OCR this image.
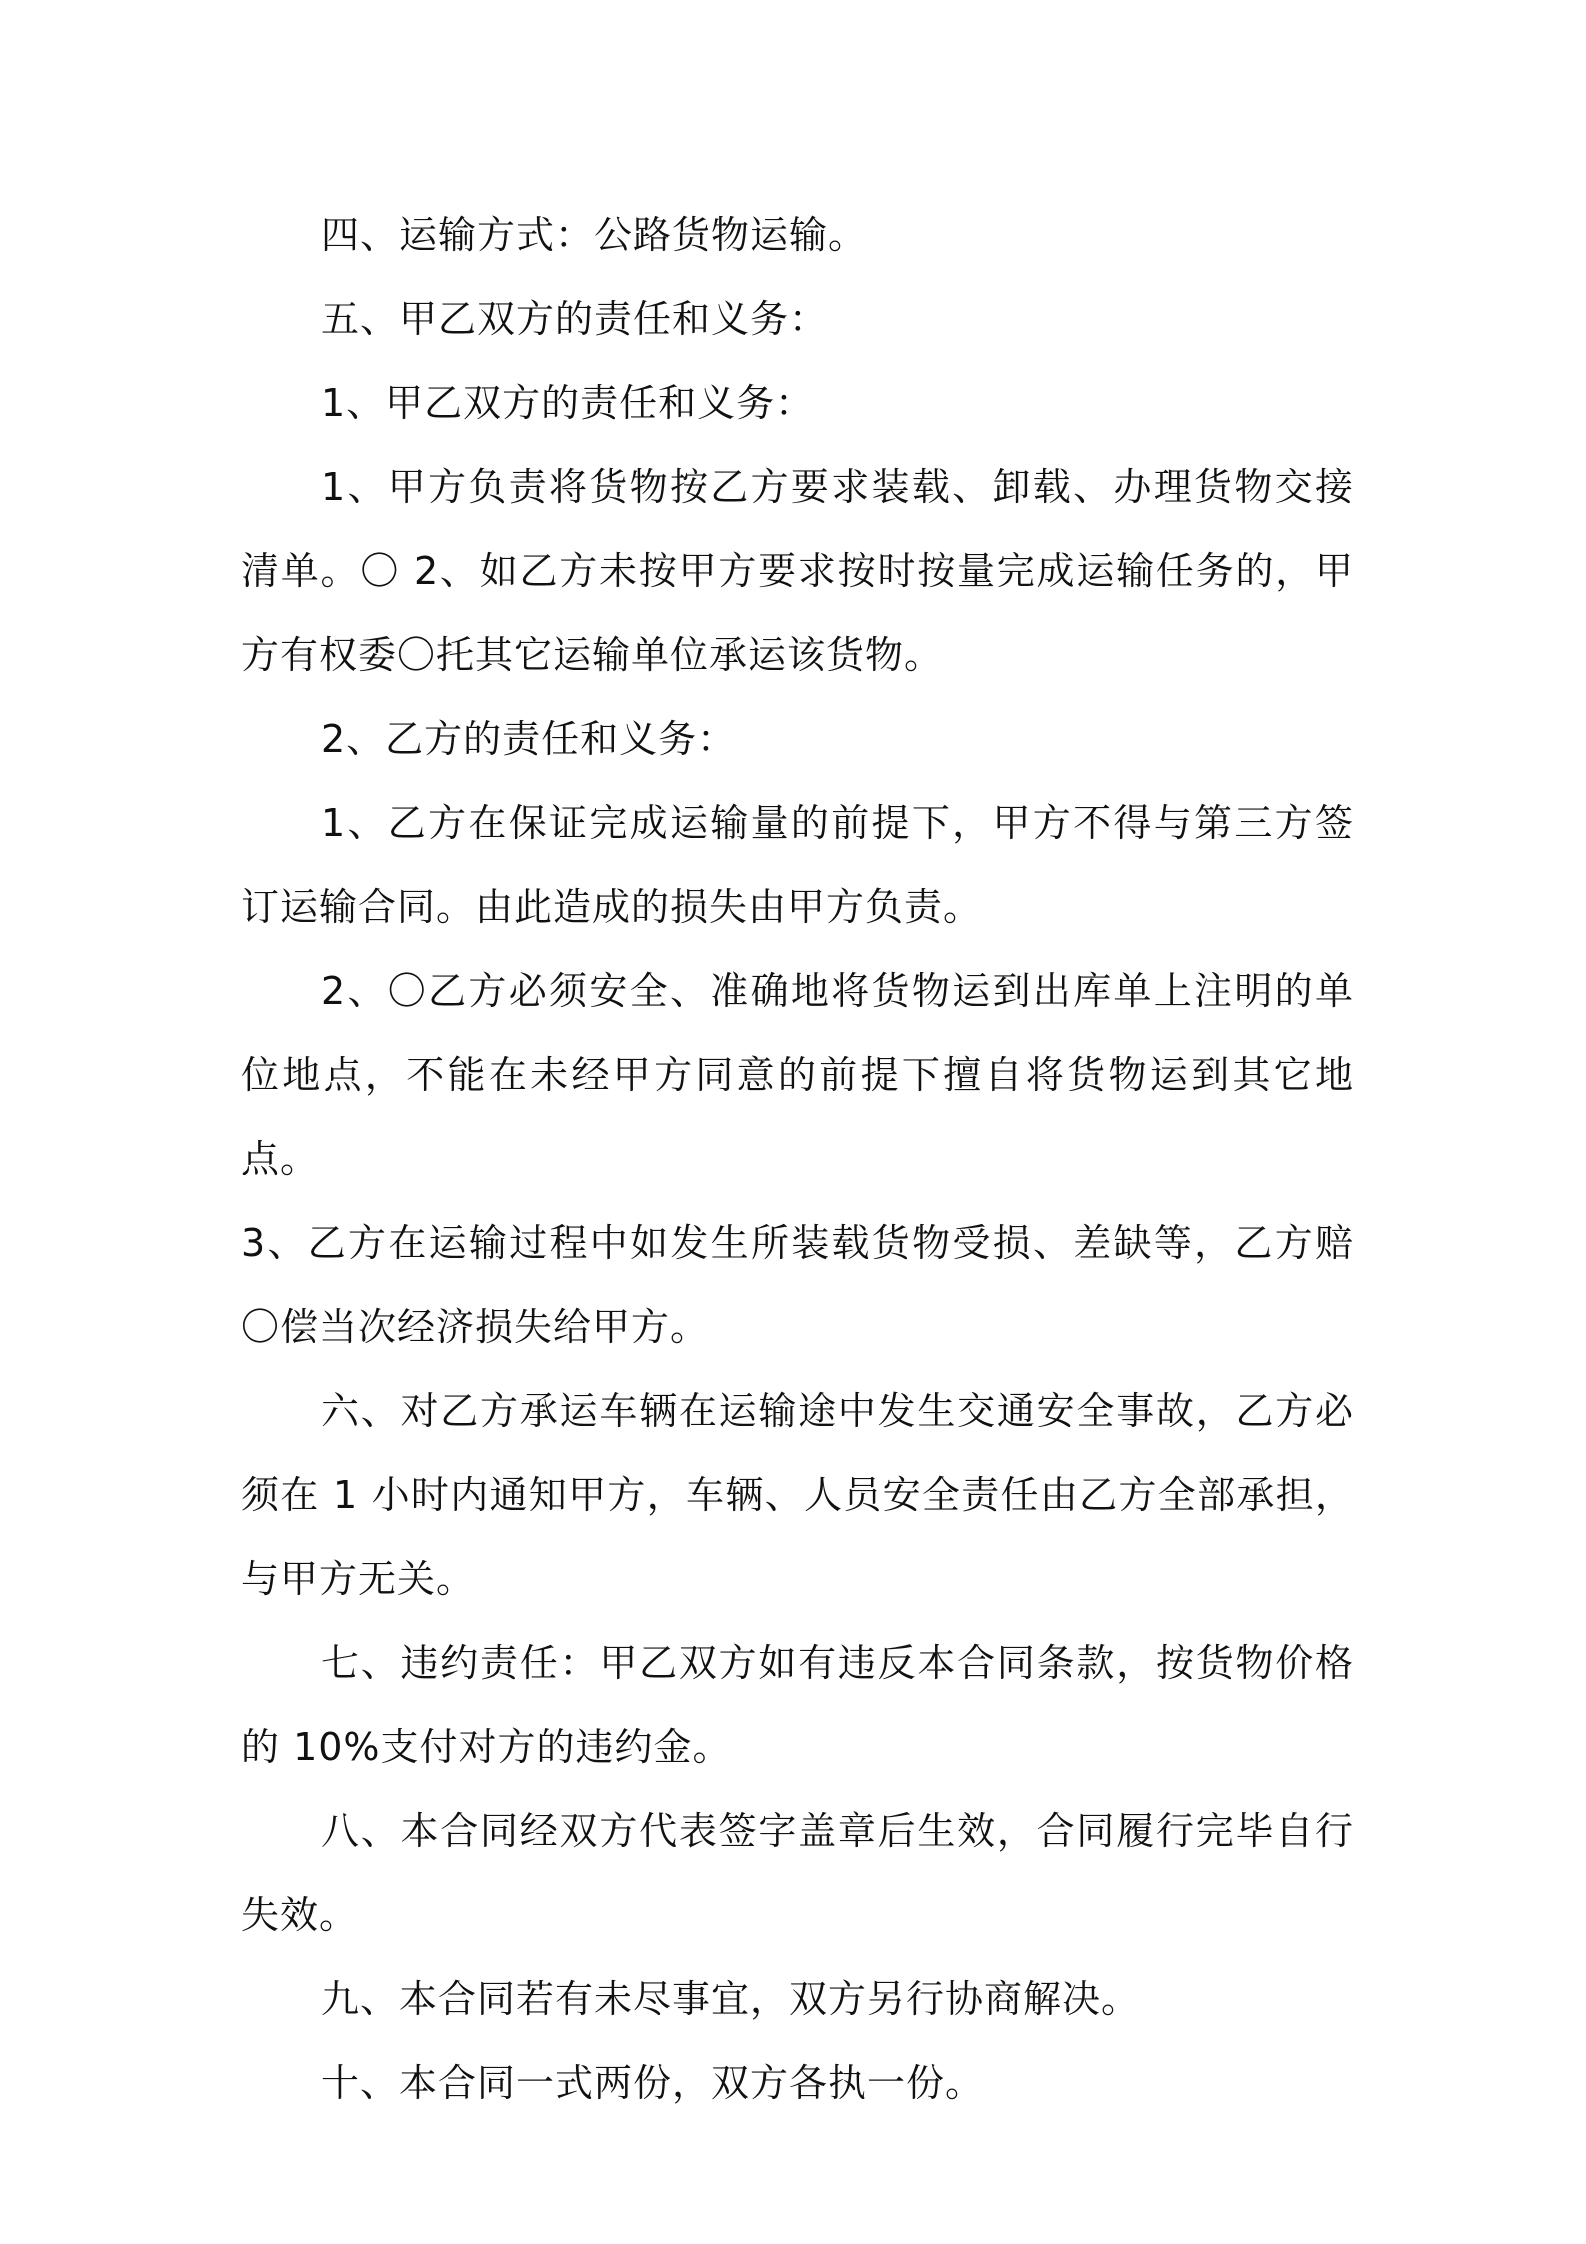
四、运输方式：公路货物运输。

五、甲乙双方的责任和义务：

1、甲乙双方的责任和义务：

1、甲方负责将货物按乙方要求装载、卸载、办理货物交接清单。〇 2、如乙方未按甲方要求按时按量完成运输任务的，甲方有权委〇托其它运输单位承运该货物。

2、乙方的责任和义务：

1、乙方在保证完成运输量的前提下，甲方不得与第三方签订运输合同。由此造成的损失由甲方负责。

2、〇乙方必须安全、准确地将货物运到出库单上注明的单位地点，不能在未经甲方同意的前提下擅自将货物运到其它地点。

3、乙方在运输过程中如发生所装载货物受损、差缺等，乙方赔〇偿当次经济损失给甲方。

六、对乙方承运车辆在运输途中发生交通安全事故，乙方必须在 1 小时内通知甲方，车辆、人员安全责任由乙方全部承担，与甲方无关。

七、违约责任：甲乙双方如有违反本合同条款，按货物价格的 10%支付对方的违约金。

八、本合同经双方代表签字盖章后生效，合同履行完毕自行失效。

九、本合同若有未尽事宜，双方另行协商解决。

十、本合同一式两份，双方各执一份。
